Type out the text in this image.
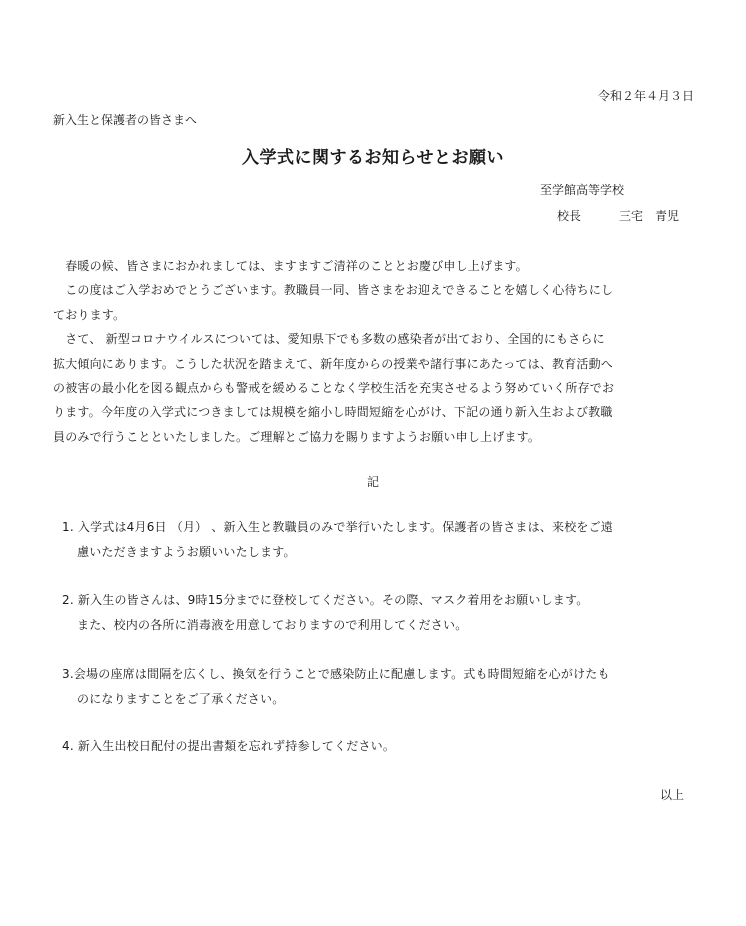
令和２年４月３日
新入生と保護者の皆さまへ
入学式に関するお知らせとお願い
至学館高等学校
校長	三宅　青児

　春暖の候、皆さまにおかれましては、ますますご清祥のこととお慶び申し上げます。

　この度はご入学おめでとうございます。教職員一同、皆さまをお迎えできることを嬉しく心待ちにし
ております。

　さて、 新型コロナウイルスについては、愛知県下でも多数の感染者が出ており、全国的にもさらに
拡大傾向にあります。こうした状況を踏まえて、新年度からの授業や諸行事にあたっては、教育活動へ
の被害の最小化を図る観点からも警戒を緩めることなく学校生活を充実させるよう努めていく所存でお
ります。今年度の入学式につきましては規模を縮小し時間短縮を心がけ、下記の通り新入生および教職
員のみで行うことといたしました。ご理解とご協力を賜りますようお願い申し上げます。

記
1. 入学式は4月6日 （月） 、新入生と教職員のみで挙行いたします。保護者の皆さまは、来校をご遠
慮いただきますようお願いいたします。
2. 新入生の皆さんは、9時15分までに登校してください。その際、マスク着用をお願いします。
また、校内の各所に消毒液を用意しておりますので利用してください。
3.会場の座席は間隔を広くし、換気を行うことで感染防止に配慮します。式も時間短縮を心がけたも
のになりますことをご了承ください。
4. 新入生出校日配付の提出書類を忘れず持参してください。
以上
